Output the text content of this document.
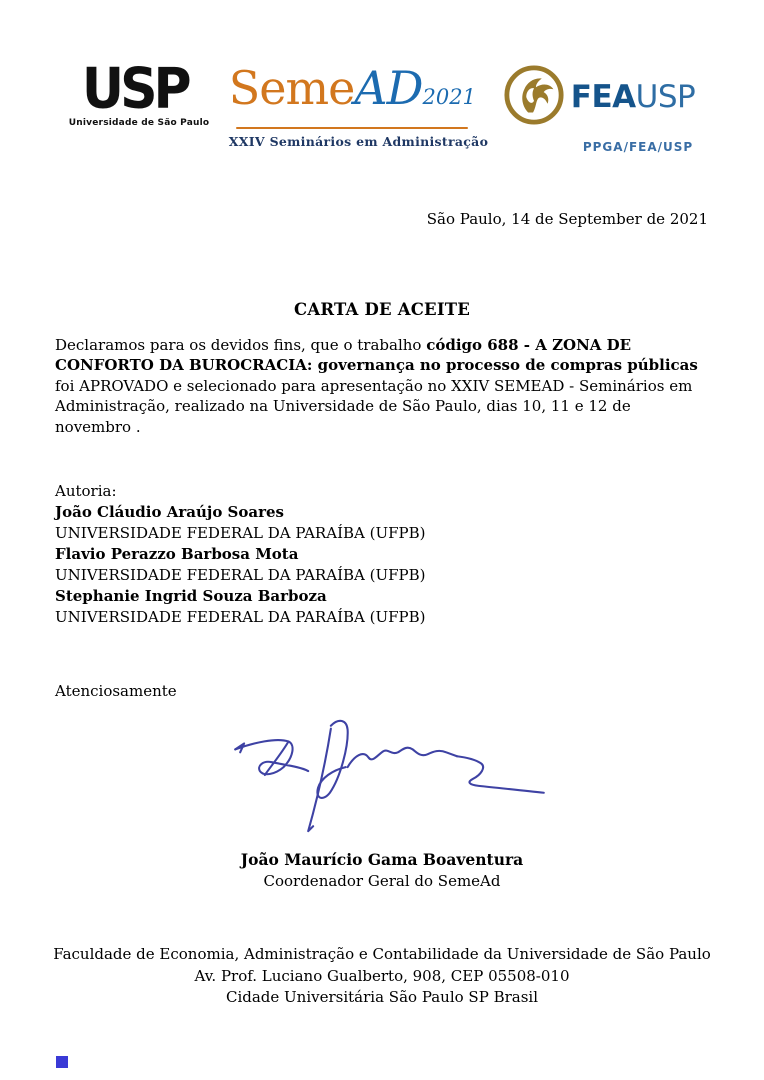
USP
Universidade de São Paulo
SemeAD2021
XXIV Seminários em Administração
FEAUSP
PPGA/FEA/USP
São Paulo, 14 de September de 2021
CARTA DE ACEITE

Declaramos para os devidos fins, que o trabalho código 688 - A ZONA DE CONFORTO DA BUROCRACIA: governança no processo de compras públicas foi APROVADO e selecionado para apresentação no XXIV SEMEAD - Seminários em Administração, realizado na Universidade de São Paulo, dias 10, 11 e 12 de novembro .

Autoria:
João Cláudio Araújo Soares
UNIVERSIDADE FEDERAL DA PARAÍBA (UFPB)
Flavio Perazzo Barbosa Mota
UNIVERSIDADE FEDERAL DA PARAÍBA (UFPB)
Stephanie Ingrid Souza Barboza
UNIVERSIDADE FEDERAL DA PARAÍBA (UFPB)
Atenciosamente
João Maurício Gama Boaventura
Coordenador Geral do SemeAd
Faculdade de Economia, Administração e Contabilidade da Universidade de São Paulo
Av. Prof. Luciano Gualberto, 908, CEP 05508-010
Cidade Universitária São Paulo SP Brasil
